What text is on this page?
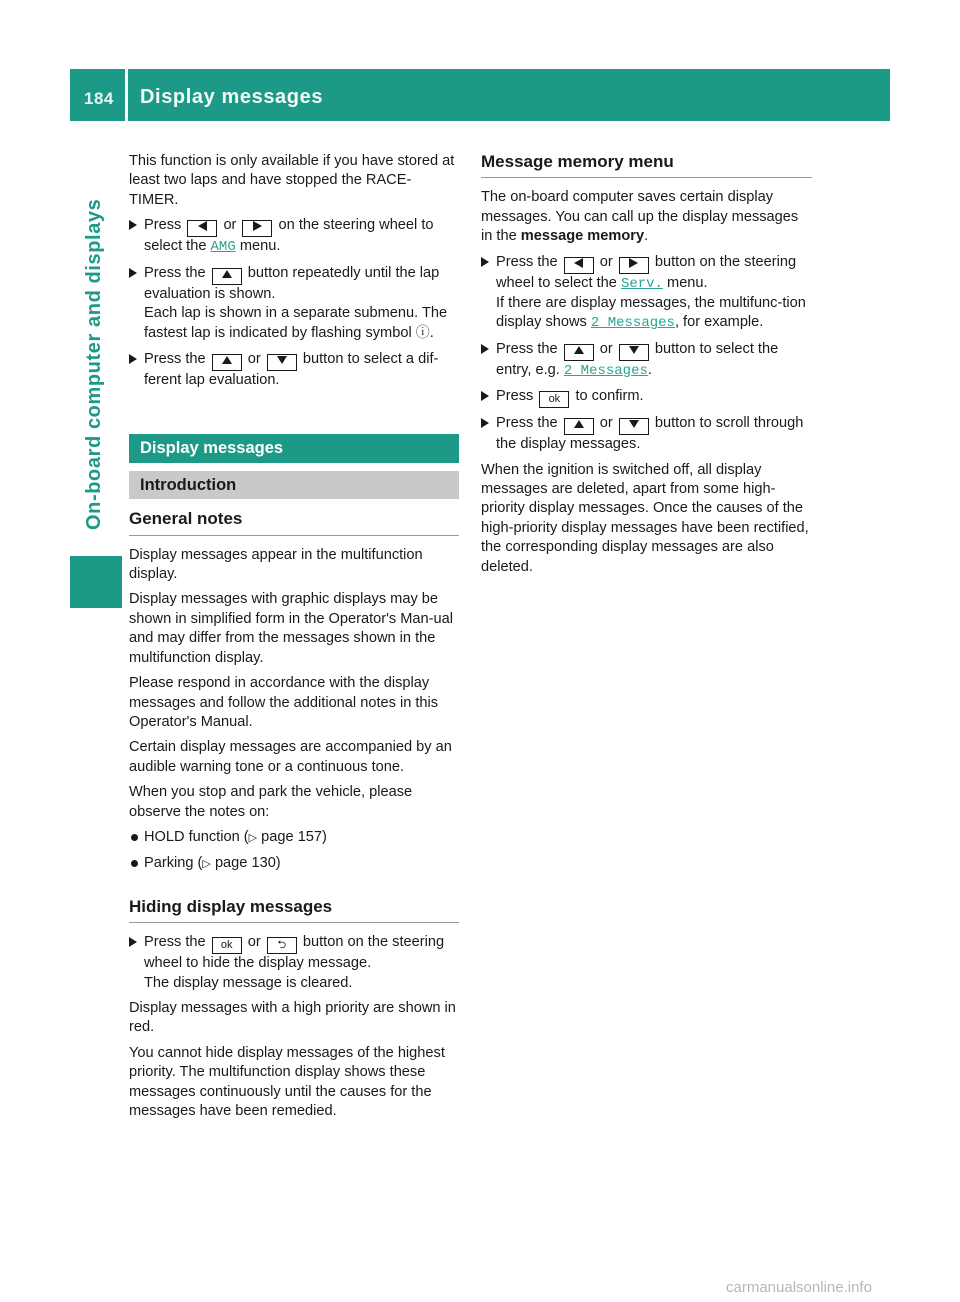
184 Display messages
On-board computer and displays

This function is only available if you have stored at least two laps and have stopped the RACE-TIMER.

Press	or	on the steering wheel to select the AMG menu.
Press the	button repeatedly until the lap evaluation is shown.
Each lap is shown in a separate submenu. The fastest lap is indicated by flashing symbol ⓘ.
Press the	or	button to select a dif-ferent lap evaluation.
Display messages
Introduction
General notes

Display messages appear in the multifunction display.

Display messages with graphic displays may be shown in simplified form in the Operator's Man-ual and may differ from the messages shown in the multifunction display.

Please respond in accordance with the display messages and follow the additional notes in this Operator's Manual.

Certain display messages are accompanied by an audible warning tone or a continuous tone.

When you stop and park the vehicle, please observe the notes on:

HOLD function (▷ page 157)
Parking (▷ page 130)
Hiding display messages
Press the ok or ⮌ button on the steering wheel to hide the display message.
The display message is cleared.

Display messages with a high priority are shown in red.

You cannot hide display messages of the highest priority. The multifunction display shows these messages continuously until the causes for the messages have been remedied.

Message memory menu

The on-board computer saves certain display messages. You can call up the display messages in the message memory.

Press the	or	button on the steering wheel to select the Serv. menu.
If there are display messages, the multifunc-tion display shows 2 Messages, for example.
Press the	or	button to select the entry, e.g. 2 Messages.
Press ok to confirm.
Press the	or	button to scroll through the display messages.

When the ignition is switched off, all display messages are deleted, apart from some high-priority display messages. Once the causes of the high-priority display messages have been rectified, the corresponding display messages are also deleted.

carmanualsonline.info
